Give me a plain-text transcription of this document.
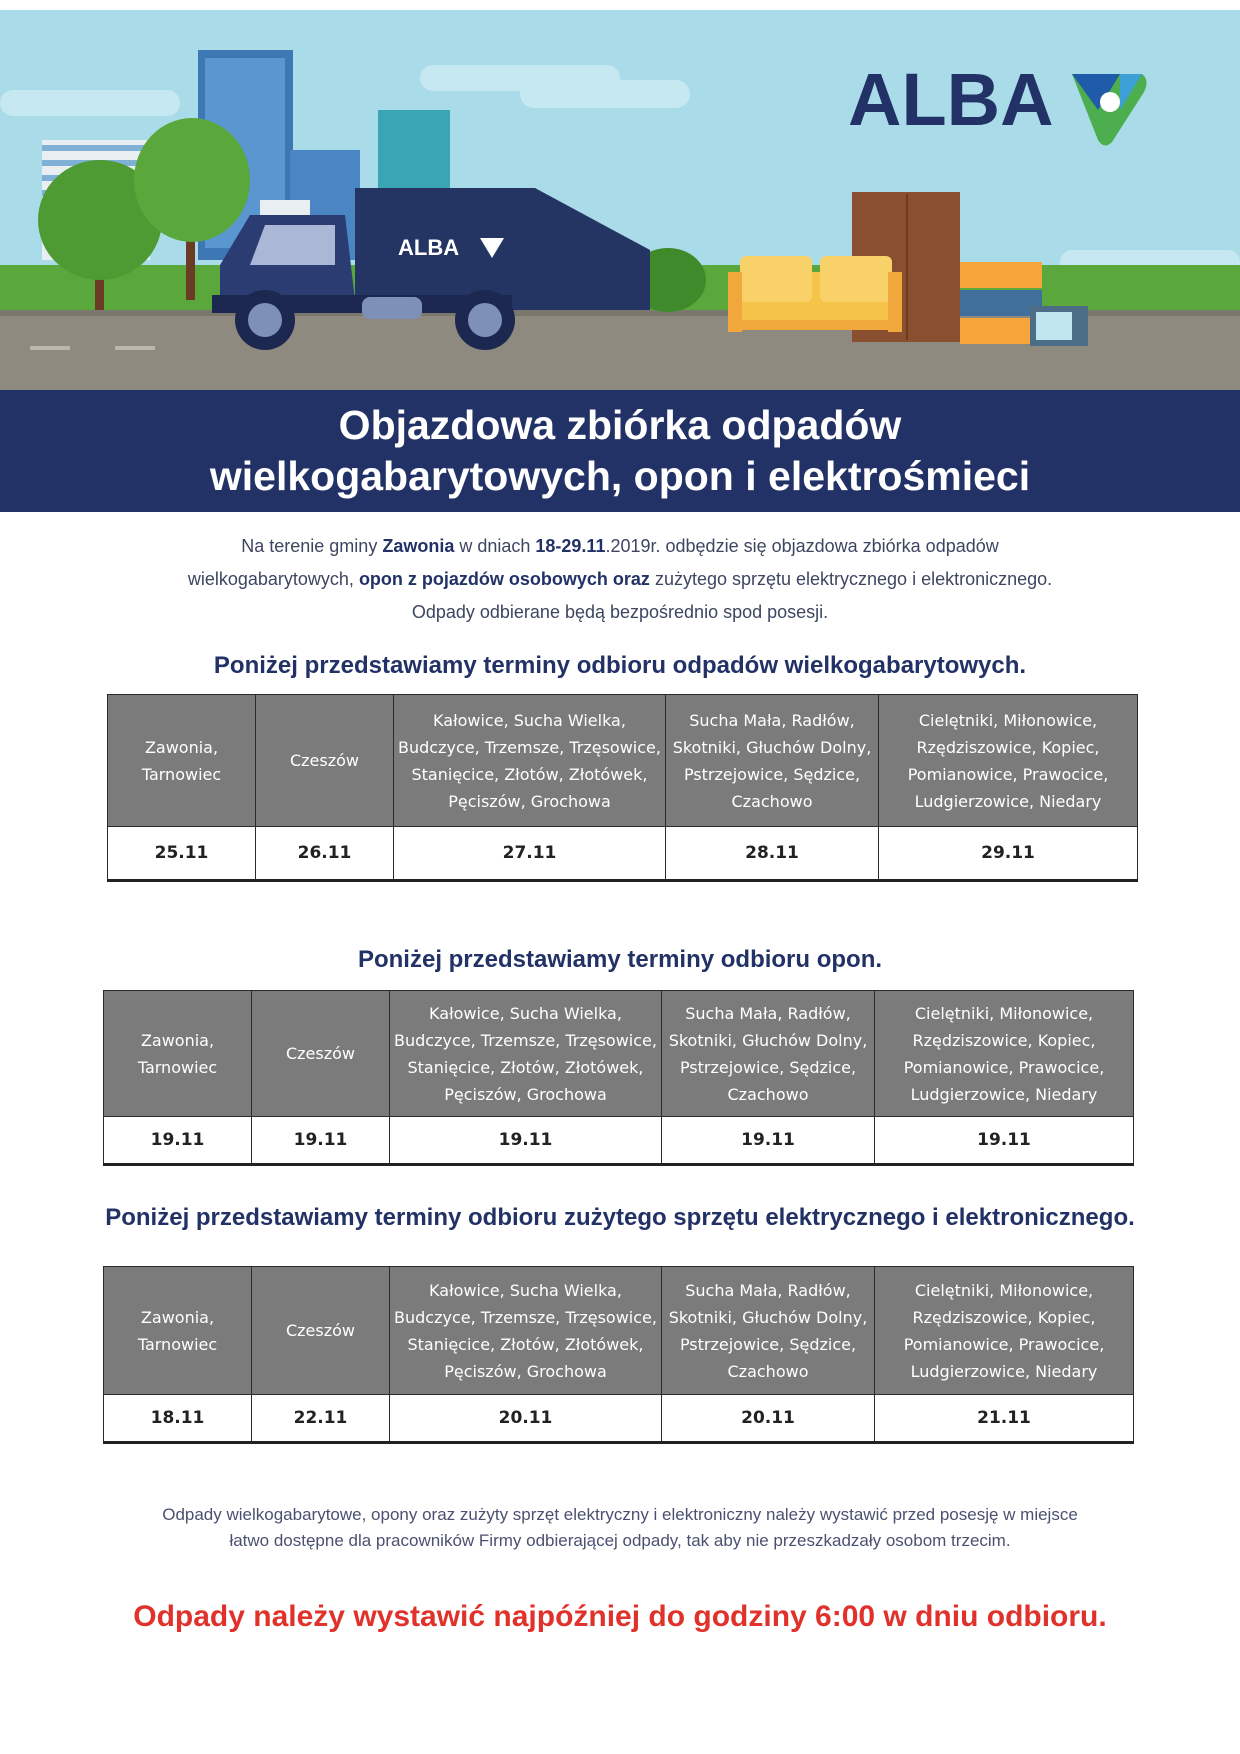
ALBA
ALBA
Objazdowa zbiórka odpadów
wielkogabarytowych, opon i elektrośmieci
Na terenie gminy Zawonia w dniach 18-29.11.2019r. odbędzie się objazdowa zbiórka odpadów wielkogabarytowych, opon z pojazdów osobowych oraz zużytego sprzętu elektrycznego i elektronicznego. Odpady odbierane będą bezpośrednio spod posesji.
Poniżej przedstawiamy terminy odbioru odpadów wielkogabarytowych.
Zawonia, Tarnowiec	Czeszów	Kałowice, Sucha Wielka, Budczyce, Trzemsze, Trzęsowice, Stanięcice, Złotów, Złotówek, Pęciszów, Grochowa	Sucha Mała, Radłów, Skotniki, Głuchów Dolny, Pstrzejowice, Sędzice, Czachowo	Cielętniki, Miłonowice, Rzędziszowice, Kopiec, Pomianowice, Prawocice, Ludgierzowice, Niedary
25.11	26.11	27.11	28.11	29.11
Poniżej przedstawiamy terminy odbioru opon.
Zawonia, Tarnowiec	Czeszów	Kałowice, Sucha Wielka, Budczyce, Trzemsze, Trzęsowice, Stanięcice, Złotów, Złotówek, Pęciszów, Grochowa	Sucha Mała, Radłów, Skotniki, Głuchów Dolny, Pstrzejowice, Sędzice, Czachowo	Cielętniki, Miłonowice, Rzędziszowice, Kopiec, Pomianowice, Prawocice, Ludgierzowice, Niedary
19.11	19.11	19.11	19.11	19.11
Poniżej przedstawiamy terminy odbioru zużytego sprzętu elektrycznego i elektronicznego.
Zawonia, Tarnowiec	Czeszów	Kałowice, Sucha Wielka, Budczyce, Trzemsze, Trzęsowice, Stanięcice, Złotów, Złotówek, Pęciszów, Grochowa	Sucha Mała, Radłów, Skotniki, Głuchów Dolny, Pstrzejowice, Sędzice, Czachowo	Cielętniki, Miłonowice, Rzędziszowice, Kopiec, Pomianowice, Prawocice, Ludgierzowice, Niedary
18.11	22.11	20.11	20.11	21.11
Odpady wielkogabarytowe, opony oraz zużyty sprzęt elektryczny i elektroniczny należy wystawić przed posesję w miejsce łatwo dostępne dla pracowników Firmy odbierającej odpady, tak aby nie przeszkadzały osobom trzecim.
Odpady należy wystawić najpóźniej do godziny 6:00 w dniu odbioru.
